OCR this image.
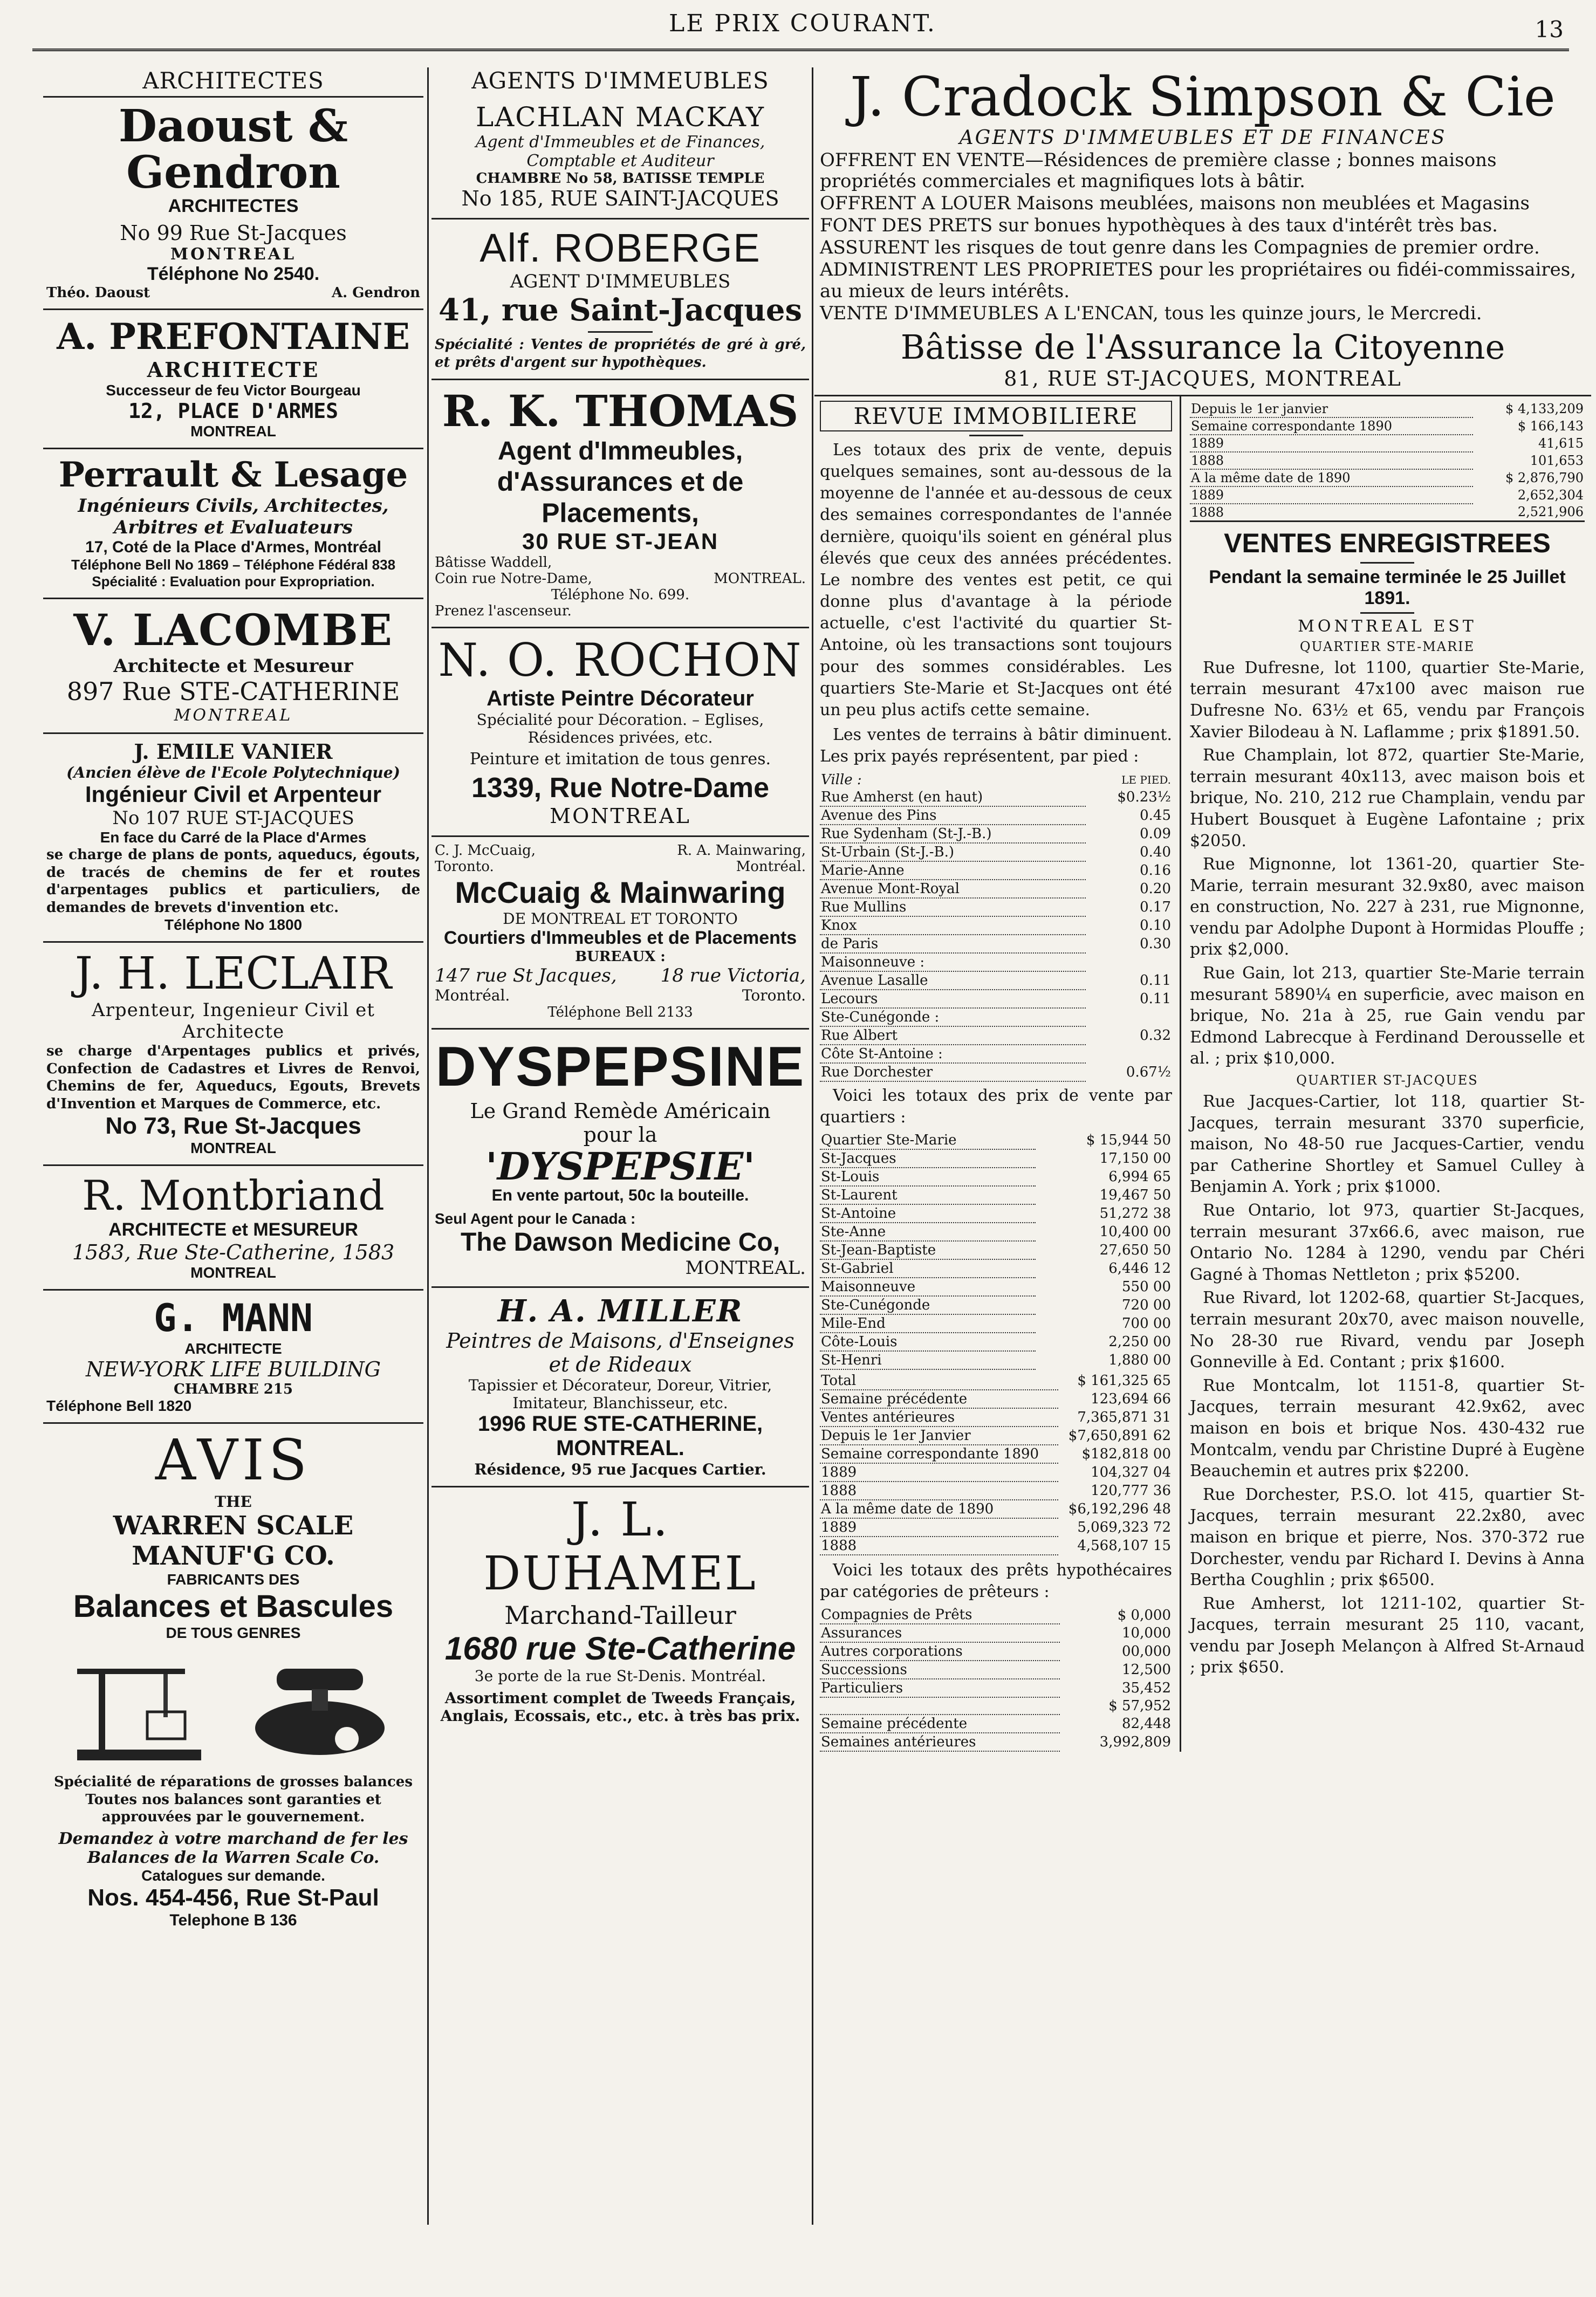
LE PRIX COURANT.	13
ARCHITECTES
Daoust & Gendron
ARCHITECTES
No 99 Rue St-Jacques
MONTREAL
Téléphone No 2540.
Théo. Daoust	A. Gendron
A. PREFONTAINE
ARCHITECTE
Successeur de feu Victor Bourgeau
12, PLACE D'ARMES
MONTREAL
Perrault & Lesage
Ingénieurs Civils, Architectes, Arbitres et Evaluateurs
17, Coté de la Place d'Armes, Montréal
Téléphone Bell No 1869 – Téléphone Fédéral 838
Spécialité : Evaluation pour Expropriation.
V. LACOMBE
Architecte et Mesureur
897 Rue STE-CATHERINE
MONTREAL
J. EMILE VANIER
(Ancien élève de l'Ecole Polytechnique)
Ingénieur Civil et Arpenteur
No 107 RUE ST-JACQUES
En face du Carré de la Place d'Armes
se charge de plans de ponts, aqueducs, égouts, de tracés de chemins de fer et routes d'arpentages publics et particuliers, de demandes de brevets d'invention etc.
Téléphone No 1800
J. H. LECLAIR
Arpenteur, Ingenieur Civil et Architecte
se charge d'Arpentages publics et privés, Confection de Cadastres et Livres de Renvoi, Chemins de fer, Aqueducs, Egouts, Brevets d'Invention et Marques de Commerce, etc.
No 73, Rue St-Jacques
MONTREAL
R. Montbriand
ARCHITECTE et MESUREUR
1583, Rue Ste-Catherine, 1583
MONTREAL
G. MANN
ARCHITECTE
NEW-YORK LIFE BUILDING
CHAMBRE 215
Téléphone Bell 1820
AVIS
THE
WARREN SCALE MANUF'G CO.
FABRICANTS DES
Balances et Bascules
DE TOUS GENRES
Spécialité de réparations de grosses balances Toutes nos balances sont garanties et approuvées par le gouvernement.
Demandez à votre marchand de fer les Balances de la Warren Scale Co.
Catalogues sur demande.
Nos. 454-456, Rue St-Paul
Telephone B 136
AGENTS D'IMMEUBLES
LACHLAN MACKAY
Agent d'Immeubles et de Finances, Comptable et Auditeur
CHAMBRE No 58, BATISSE TEMPLE
No 185, RUE SAINT-JACQUES
Alf. ROBERGE
AGENT D'IMMEUBLES
41, rue Saint-Jacques
Spécialité : Ventes de propriétés de gré à gré, et prêts d'argent sur hypothèques.
R. K. THOMAS
Agent d'Immeubles,
d'Assurances et de Placements,
30 RUE ST-JEAN
Bâtisse Waddell,
Coin rue Notre-Dame,	MONTREAL.
Téléphone No. 699.
Prenez l'ascenseur.
N. O. ROCHON
Artiste Peintre Décorateur
Spécialité pour Décoration. – Eglises, Résidences privées, etc.
Peinture et imitation de tous genres.
1339, Rue Notre-Dame
MONTREAL
C. J. McCuaig,	R. A. Mainwaring,
Toronto.	Montréal.
McCuaig & Mainwaring
DE MONTREAL ET TORONTO
Courtiers d'Immeubles et de Placements
BUREAUX :
147 rue St Jacques, 18 rue Victoria,
Montréal.	Toronto.
Téléphone Bell 2133
DYSPEPSINE
Le Grand Remède Américain
pour la
'DYSPEPSIE'
En vente partout, 50c la bouteille.
Seul Agent pour le Canada :
The Dawson Medicine Co,
MONTREAL.
H. A. MILLER
Peintres de Maisons, d'Enseignes et de Rideaux
Tapissier et Décorateur, Doreur, Vitrier, Imitateur, Blanchisseur, etc.
1996 RUE STE-CATHERINE, MONTREAL.
Résidence, 95 rue Jacques Cartier.
J. L. DUHAMEL
Marchand-Tailleur
1680 rue Ste-Catherine
3e porte de la rue St-Denis. Montréal.
Assortiment complet de Tweeds Français, Anglais, Ecossais, etc., etc. à très bas prix.
J. Cradock Simpson & Cie
AGENTS D'IMMEUBLES ET DE FINANCES

OFFRENT EN VENTE—Résidences de première classe ; bonnes maisons propriétés commerciales et magnifiques lots à bâtir.

OFFRENT A LOUER Maisons meublées, maisons non meublées et Magasins

FONT DES PRETS sur bonues hypothèques à des taux d'intérêt très bas.

ASSURENT les risques de tout genre dans les Compagnies de premier ordre.

ADMINISTRENT LES PROPRIETES pour les propriétaires ou fidéi-commissaires, au mieux de leurs intérêts.

VENTE D'IMMEUBLES A L'ENCAN, tous les quinze jours, le Mercredi.

Bâtisse de l'Assurance la Citoyenne
81, RUE ST-JACQUES, MONTREAL
REVUE IMMOBILIERE

Les totaux des prix de vente, depuis quelques semaines, sont au-dessous de la moyenne de l'année et au-dessous de ceux des semaines correspondantes de l'année dernière, quoiqu'ils soient en général plus élevés que ceux des années précédentes. Le nombre des ventes est petit, ce qui donne plus d'avantage à la période actuelle, c'est l'activité du quartier St-Antoine, où les transactions sont toujours pour des sommes considérables. Les quartiers Ste-Marie et St-Jacques ont été un peu plus actifs cette semaine.

Les ventes de terrains à bâtir diminuent. Les prix payés représentent, par pied :

Ville :	LE PIED.
Rue Amherst (en haut)	$0.23½
Avenue des Pins	0.45
Rue Sydenham (St-J.-B.)	0.09
St-Urbain (St-J.-B.)	0.40
Marie-Anne	0.16
Avenue Mont-Royal	0.20
Rue Mullins	0.17
Knox	0.10
de Paris	0.30
Maisonneuve :	
Avenue Lasalle	0.11
Lecours	0.11
Ste-Cunégonde :	
Rue Albert	0.32
Côte St-Antoine :	
Rue Dorchester	0.67½

Voici les totaux des prix de vente par quartiers :

Quartier Ste-Marie	$ 15,944 50
St-Jacques	17,150 00
St-Louis	6,994 65
St-Laurent	19,467 50
St-Antoine	51,272 38
Ste-Anne	10,400 00
St-Jean-Baptiste	27,650 50
St-Gabriel	6,446 12
Maisonneuve	550 00
Ste-Cunégonde	720 00
Mile-End	700 00
Côte-Louis	2,250 00
St-Henri	1,880 00
Total	$ 161,325 65
Semaine précédente	123,694 66
Ventes antérieures	7,365,871 31
Depuis le 1er Janvier	$7,650,891 62
Semaine correspondante 1890	$182,818 00
1889	104,327 04
1888	120,777 36
A la même date de 1890	$6,192,296 48
1889	5,069,323 72
1888	4,568,107 15

Voici les totaux des prêts hypothécaires par catégories de prêteurs :

Compagnies de Prêts	$ 0,000
Assurances	10,000
Autres corporations	00,000
Successions	12,500
Particuliers	35,452
	$ 57,952
Semaine précédente	82,448
Semaines antérieures	3,992,809
Depuis le 1er janvier	$ 4,133,209
Semaine correspondante 1890	$ 166,143
1889	41,615
1888	101,653
A la même date de 1890	$ 2,876,790
1889	2,652,304
1888	2,521,906
VENTES ENREGISTREES
Pendant la semaine terminée le 25 Juillet 1891.
MONTREAL EST
QUARTIER STE-MARIE

Rue Dufresne, lot 1100, quartier Ste-Marie, terrain mesurant 47x100 avec maison rue Dufresne No. 63½ et 65, vendu par François Xavier Bilodeau à N. Laflamme ; prix $1891.50.

Rue Champlain, lot 872, quartier Ste-Marie, terrain mesurant 40x113, avec maison bois et brique, No. 210, 212 rue Champlain, vendu par Hubert Bousquet à Eugène Lafontaine ; prix $2050.

Rue Mignonne, lot 1361-20, quartier Ste-Marie, terrain mesurant 32.9x80, avec maison en construction, No. 227 à 231, rue Mignonne, vendu par Adolphe Dupont à Hormidas Plouffe ; prix $2,000.

Rue Gain, lot 213, quartier Ste-Marie terrain mesurant 5890¼ en superficie, avec maison en brique, No. 21a à 25, rue Gain vendu par Edmond Labrecque à Ferdinand Derousselle et al. ; prix $10,000.

QUARTIER ST-JACQUES

Rue Jacques-Cartier, lot 118, quartier St-Jacques, terrain mesurant 3370 superficie, maison, No 48-50 rue Jacques-Cartier, vendu par Catherine Shortley et Samuel Culley à Benjamin A. York ; prix $1000.

Rue Ontario, lot 973, quartier St-Jacques, terrain mesurant 37x66.6, avec maison, rue Ontario No. 1284 à 1290, vendu par Chéri Gagné à Thomas Nettleton ; prix $5200.

Rue Rivard, lot 1202-68, quartier St-Jacques, terrain mesurant 20x70, avec maison nouvelle, No 28-30 rue Rivard, vendu par Joseph Gonneville à Ed. Contant ; prix $1600.

Rue Montcalm, lot 1151-8, quartier St-Jacques, terrain mesurant 42.9x62, avec maison en bois et brique Nos. 430-432 rue Montcalm, vendu par Christine Dupré à Eugène Beauchemin et autres prix $2200.

Rue Dorchester, P.S.O. lot 415, quartier St-Jacques, terrain mesurant 22.2x80, avec maison en brique et pierre, Nos. 370-372 rue Dorchester, vendu par Richard I. Devins à Anna Bertha Coughlin ; prix $6500.

Rue Amherst, lot 1211-102, quartier St-Jacques, terrain mesurant 25 110, vacant, vendu par Joseph Melançon à Alfred St-Arnaud ; prix $650.
